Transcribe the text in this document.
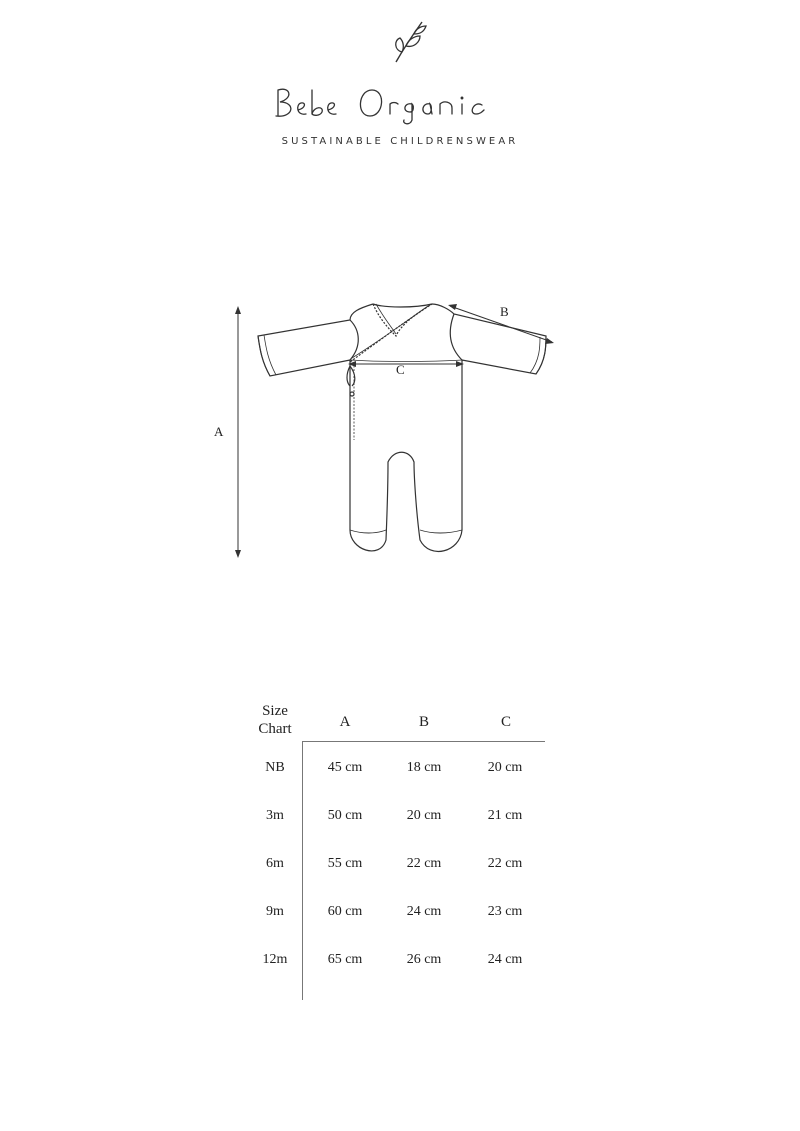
SUSTAINABLE CHILDRENSWEAR
A
B
C
Size
Chart	A	B	C
NB	45 cm	18 cm	20 cm
3m	50 cm	20 cm	21 cm
6m	55 cm	22 cm	22 cm
9m	60 cm	24 cm	23 cm
12m	65 cm	26 cm	24 cm
